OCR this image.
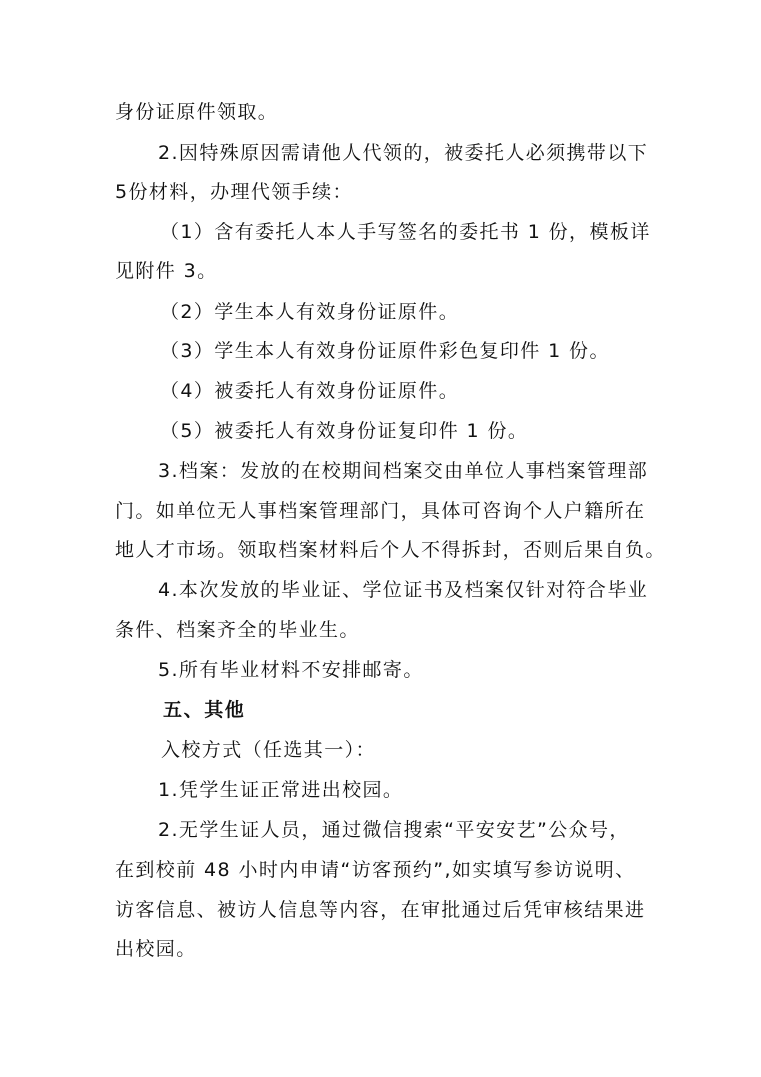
身份证原件领取。
2.因特殊原因需请他人代领的，被委托人必须携带以下
5份材料，办理代领手续：
（1）含有委托人本人手写签名的委托书 1 份，模板详
见附件 3。
（2）学生本人有效身份证原件。
（3）学生本人有效身份证原件彩色复印件 1 份。
（4）被委托人有效身份证原件。
（5）被委托人有效身份证复印件 1 份。
3.档案：发放的在校期间档案交由单位人事档案管理部
门。如单位无人事档案管理部门，具体可咨询个人户籍所在
地人才市场。领取档案材料后个人不得拆封，否则后果自负。
4.本次发放的毕业证、学位证书及档案仅针对符合毕业
条件、档案齐全的毕业生。
5.所有毕业材料不安排邮寄。
五、其他
入校方式（任选其一）：
1.凭学生证正常进出校园。
2.无学生证人员，通过微信搜索“平安安艺”公众号，
在到校前 48 小时内申请“访客预约”,如实填写参访说明、
访客信息、被访人信息等内容，在审批通过后凭审核结果进
出校园。
